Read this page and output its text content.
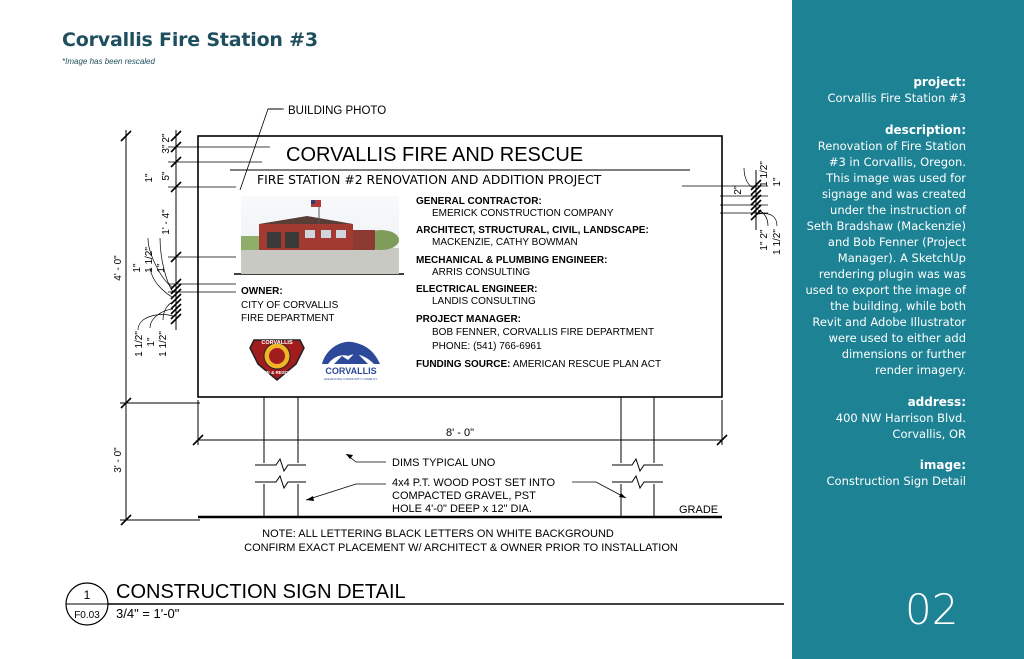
Corvallis Fire Station #3
*Image has been rescaled
4' - 0"
3' - 0"
3"
2"
5"
1"
1' - 4"
1" 1 1/2" 1"
1 1/2" 1" 1 1/2"
1 1/2" 1"
2"
2"
1" 1 1/2"
BUILDING PHOTO
8' - 0"
DIMS TYPICAL UNO
4x4 P.T. WOOD POST SET INTO
COMPACTED GRAVEL, PST
HOLE 4'-0" DEEP x 12" DIA.	GRADE
NOTE: ALL LETTERING BLACK LETTERS ON WHITE BACKGROUND
CONFIRM EXACT PLACEMENT W/ ARCHITECT & OWNER PRIOR TO INSTALLATION
1
F0.03
CONSTRUCTION SIGN DETAIL
3/4" = 1'-0"
CORVALLIS FIRE AND RESCUE
FIRE STATION #2 RENOVATION AND ADDITION PROJECT
OWNER:
CITY OF CORVALLIS
FIRE DEPARTMENT
CORVALLIS
FIRE & RESCUE	CORVALLIS
ENHANCING COMMUNITY LIVABILITY
GENERAL CONTRACTOR:
EMERICK CONSTRUCTION COMPANY
ARCHITECT, STRUCTURAL, CIVIL, LANDSCAPE:
MACKENZIE, CATHY BOWMAN
MECHANICAL & PLUMBING ENGINEER:
ARRIS CONSULTING
ELECTRICAL ENGINEER:
LANDIS CONSULTING
PROJECT MANAGER:
BOB FENNER, CORVALLIS FIRE DEPARTMENT
PHONE: (541) 766-6961
FUNDING SOURCE: AMERICAN RESCUE PLAN ACT
project:
Corvallis Fire Station #3
description:
Renovation of Fire Station
#3 in Corvallis, Oregon.
This image was used for
signage and was created
under the instruction of
Seth Bradshaw (Mackenzie)
and Bob Fenner (Project
Manager). A SketchUp
rendering plugin was was
used to export the image of
the building, while both
Revit and Adobe Illustrator
were used to either add
dimensions or further
render imagery.
address:
400 NW Harrison Blvd.
Corvallis, OR
image:
Construction Sign Detail
02
